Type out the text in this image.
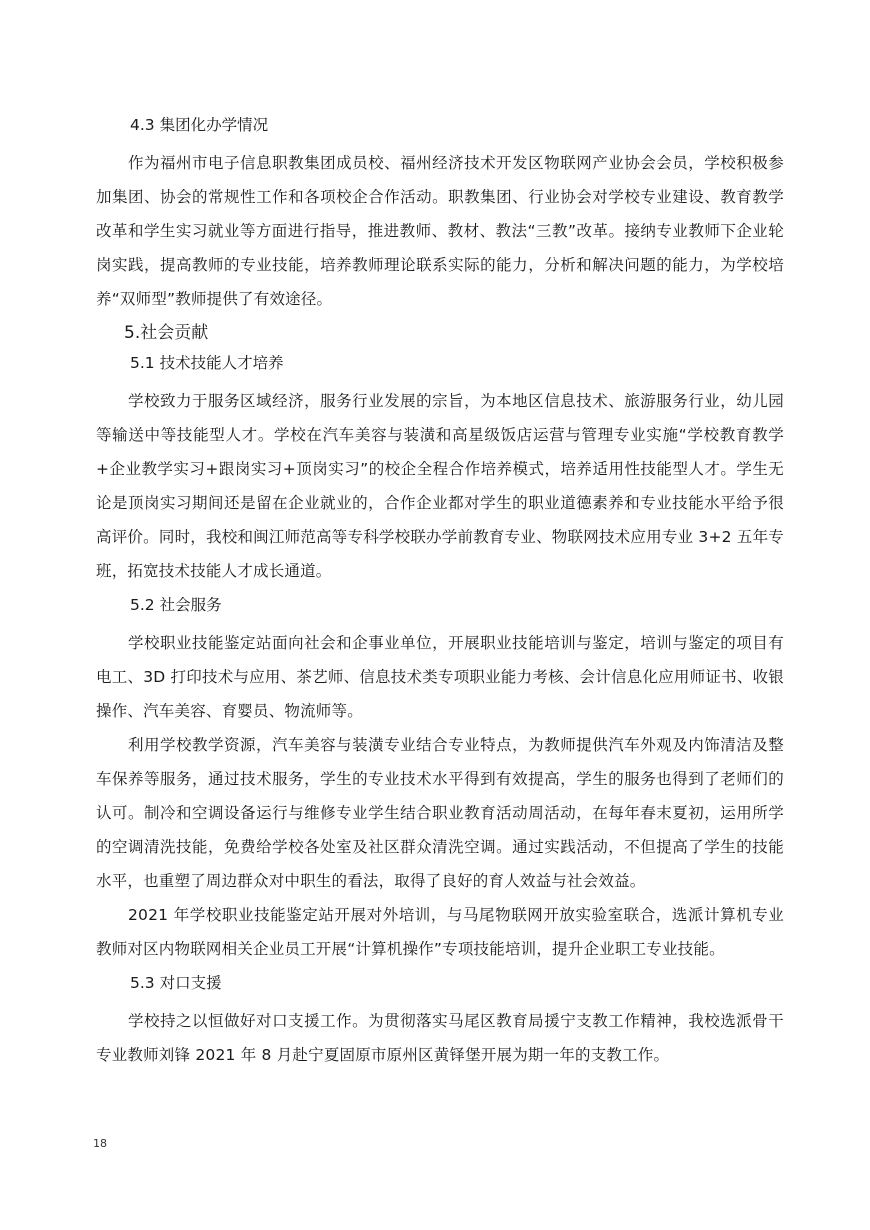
4.3 集团化办学情况

作为福州市电子信息职教集团成员校、福州经济技术开发区物联网产业协会会员，学校积极参加集团、协会的常规性工作和各项校企合作活动。职教集团、行业协会对学校专业建设、教育教学改革和学生实习就业等方面进行指导，推进教师、教材、教法“三教”改革。接纳专业教师下企业轮岗实践，提高教师的专业技能，培养教师理论联系实际的能力，分析和解决问题的能力，为学校培养“双师型”教师提供了有效途径。

5.社会贡献

5.1 技术技能人才培养

学校致力于服务区域经济，服务行业发展的宗旨，为本地区信息技术、旅游服务行业，幼儿园等输送中等技能型人才。学校在汽车美容与装潢和高星级饭店运营与管理专业实施“学校教育教学+企业教学实习+跟岗实习+顶岗实习”的校企全程合作培养模式，培养适用性技能型人才。学生无论是顶岗实习期间还是留在企业就业的，合作企业都对学生的职业道德素养和专业技能水平给予很高评价。同时，我校和闽江师范高等专科学校联办学前教育专业、物联网技术应用专业 3+2 五年专班，拓宽技术技能人才成长通道。

5.2 社会服务

学校职业技能鉴定站面向社会和企事业单位，开展职业技能培训与鉴定，培训与鉴定的项目有电工、3D 打印技术与应用、茶艺师、信息技术类专项职业能力考核、会计信息化应用师证书、收银操作、汽车美容、育婴员、物流师等。

利用学校教学资源，汽车美容与装潢专业结合专业特点，为教师提供汽车外观及内饰清洁及整车保养等服务，通过技术服务，学生的专业技术水平得到有效提高，学生的服务也得到了老师们的认可。制冷和空调设备运行与维修专业学生结合职业教育活动周活动，在每年春末夏初，运用所学的空调清洗技能，免费给学校各处室及社区群众清洗空调。通过实践活动，不但提高了学生的技能水平，也重塑了周边群众对中职生的看法，取得了良好的育人效益与社会效益。

2021 年学校职业技能鉴定站开展对外培训，与马尾物联网开放实验室联合，选派计算机专业教师对区内物联网相关企业员工开展“计算机操作”专项技能培训，提升企业职工专业技能。

5.3 对口支援

学校持之以恒做好对口支援工作。为贯彻落实马尾区教育局援宁支教工作精神，我校选派骨干专业教师刘锋 2021 年 8 月赴宁夏固原市原州区黄铎堡开展为期一年的支教工作。

18
